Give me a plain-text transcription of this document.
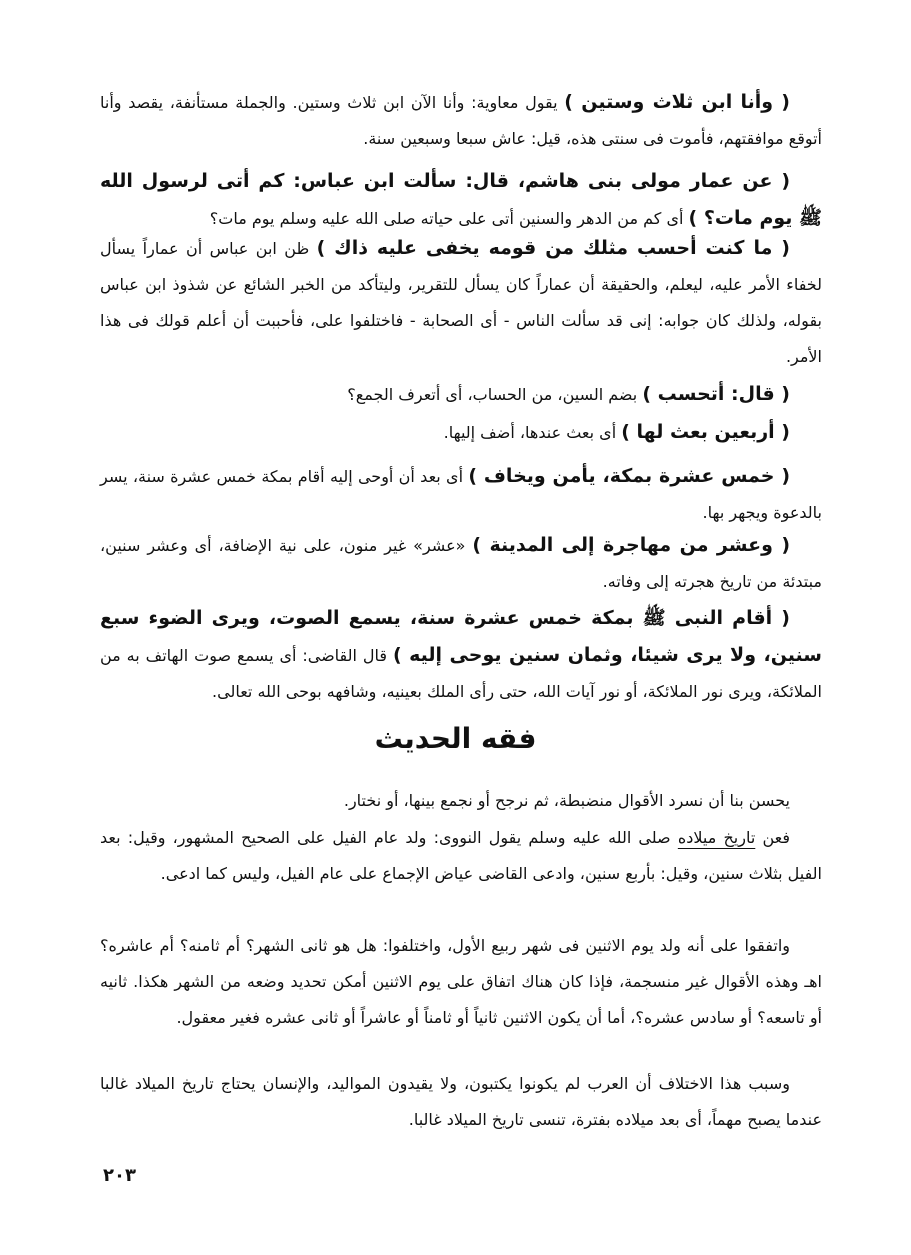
( وأنا ابن ثلاث وستين ) يقول معاوية: وأنا الآن ابن ثلاث وستين. والجملة مستأنفة، يقصد وأنا أتوقع موافقتهم، فأموت فى سنتى هذه، قيل: عاش سبعا وسبعين سنة.
( عن عمار مولى بنى هاشم، قال: سألت ابن عباس: كم أتى لرسول الله ﷺ يوم مات؟ ) أى كم من الدهر والسنين أتى على حياته صلى الله عليه وسلم يوم مات؟
( ما كنت أحسب مثلك من قومه يخفى عليه ذاك ) ظن ابن عباس أن عماراً يسأل لخفاء الأمر عليه، ليعلم، والحقيقة أن عماراً كان يسأل للتقرير، وليتأكد من الخبر الشائع عن شذوذ ابن عباس بقوله، ولذلك كان جوابه: إنى قد سألت الناس - أى الصحابة - فاختلفوا على، فأحببت أن أعلم قولك فى هذا الأمر.
( قال: أتحسب ) بضم السين، من الحساب، أى أتعرف الجمع؟
( أربعين بعث لها ) أى بعث عندها، أضف إليها.
( خمس عشرة بمكة، يأمن ويخاف ) أى بعد أن أوحى إليه أقام بمكة خمس عشرة سنة، يسر بالدعوة ويجهر بها.
( وعشر من مهاجرة إلى المدينة ) «عشر» غير منون، على نية الإضافة، أى وعشر سنين، مبتدئة من تاريخ هجرته إلى وفاته.
( أقام النبى ﷺ بمكة خمس عشرة سنة، يسمع الصوت، ويرى الضوء سبع سنين، ولا يرى شيئا، وثمان سنين يوحى إليه ) قال القاضى: أى يسمع صوت الهاتف به من الملائكة، ويرى نور الملائكة، أو نور آيات الله، حتى رأى الملك بعينيه، وشافهه بوحى الله تعالى.
فقه الحديث
يحسن بنا أن نسرد الأقوال منضبطة، ثم نرجح أو نجمع بينها، أو نختار.
فعن تاريخ ميلاده صلى الله عليه وسلم يقول النووى: ولد عام الفيل على الصحيح المشهور، وقيل: بعد الفيل بثلاث سنين، وقيل: بأربع سنين، وادعى القاضى عياض الإجماع على عام الفيل، وليس كما ادعى.
واتفقوا على أنه ولد يوم الاثنين فى شهر ربيع الأول، واختلفوا: هل هو ثانى الشهر؟ أم ثامنه؟ أم عاشره؟ اهـ وهذه الأقوال غير منسجمة، فإذا كان هناك اتفاق على يوم الاثنين أمكن تحديد وضعه من الشهر هكذا. ثانيه أو تاسعه؟ أو سادس عشره؟، أما أن يكون الاثنين ثانياً أو ثامناً أو عاشراً أو ثانى عشره فغير معقول.
وسبب هذا الاختلاف أن العرب لم يكونوا يكتبون، ولا يقيدون المواليد، والإنسان يحتاج تاريخ الميلاد غالبا عندما يصبح مهماً، أى بعد ميلاده بفترة، تنسى تاريخ الميلاد غالبا.
٢٠٣
